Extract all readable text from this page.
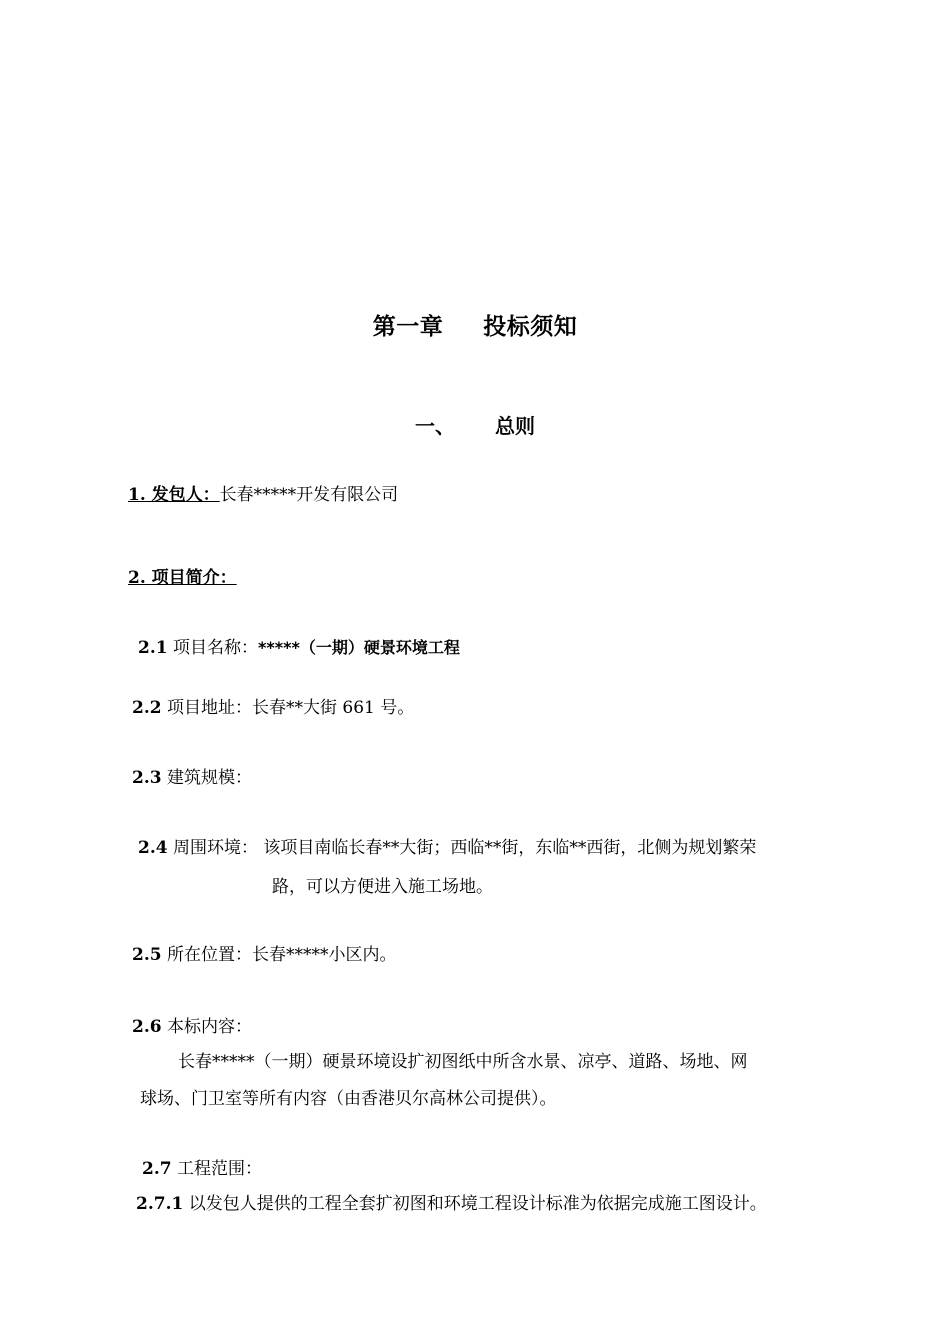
第一章 投标须知
一、 总则
1. 发包人：长春*****开发有限公司
2. 项目简介：
2.1 项目名称：*****（一期）硬景环境工程
2.2 项目地址：长春**大街 661 号。
2.3 建筑规模：
2.4 周围环境： 该项目南临长春**大街；西临**街，东临**西街，北侧为规划繁荣
路，可以方便进入施工场地。
2.5 所在位置：长春*****小区内。
2.6 本标内容：
长春*****（一期）硬景环境设扩初图纸中所含水景、凉亭、道路、场地、网
球场、门卫室等所有内容（由香港贝尔高林公司提供）。
2.7 工程范围：
2.7.1 以发包人提供的工程全套扩初图和环境工程设计标准为依据完成施工图设计。
